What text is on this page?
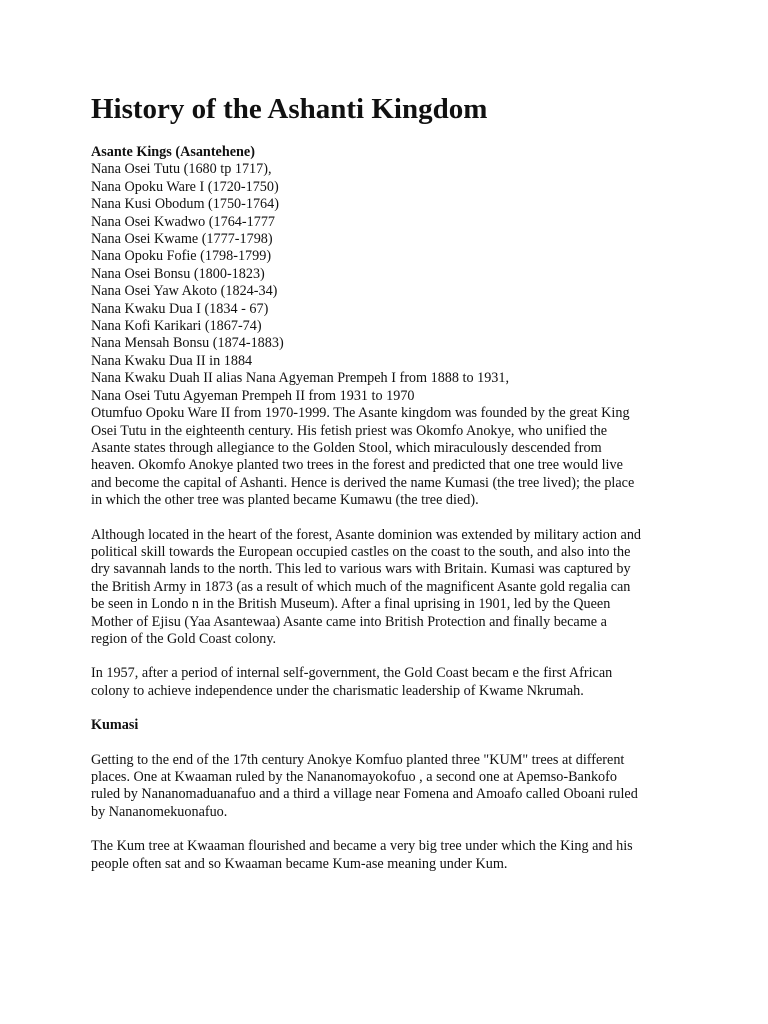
History of the Ashanti Kingdom
Asante Kings (Asantehene)
Nana Osei Tutu (1680 tp 1717),
Nana Opoku Ware I (1720-1750)
Nana Kusi Obodum (1750-1764)
Nana Osei Kwadwo (1764-1777
Nana Osei Kwame (1777-1798)
Nana Opoku Fofie (1798-1799)
Nana Osei Bonsu (1800-1823)
Nana Osei Yaw Akoto (1824-34)
Nana Kwaku Dua I (1834 - 67)
Nana Kofi Karikari (1867-74)
Nana Mensah Bonsu (1874-1883)
Nana Kwaku Dua II in 1884
Nana Kwaku Duah II alias Nana Agyeman Prempeh I from 1888 to 1931,
Nana Osei Tutu Agyeman Prempeh II from 1931 to 1970
Otumfuo Opoku Ware II from 1970-1999. The Asante kingdom was founded by the great King
Osei Tutu in the eighteenth century. His fetish priest was Okomfo Anokye, who unified the
Asante states through allegiance to the Golden Stool, which miraculously descended from
heaven. Okomfo Anokye planted two trees in the forest and predicted that one tree would live
and become the capital of Ashanti. Hence is derived the name Kumasi (the tree lived); the place
in which the other tree was planted became Kumawu (the tree died).
Although located in the heart of the forest, Asante dominion was extended by military action and
political skill towards the European occupied castles on the coast to the south, and also into the
dry savannah lands to the north. This led to various wars with Britain. Kumasi was captured by
the British Army in 1873 (as a result of which much of the magnificent Asante gold regalia can
be seen in Londo n in the British Museum). After a final uprising in 1901, led by the Queen
Mother of Ejisu (Yaa Asantewaa) Asante came into British Protection and finally became a
region of the Gold Coast colony.
In 1957, after a period of internal self-government, the Gold Coast becam e the first African
colony to achieve independence under the charismatic leadership of Kwame Nkrumah.
Kumasi
Getting to the end of the 17th century Anokye Komfuo planted three "KUM" trees at different
places. One at Kwaaman ruled by the Nananomayokofuo , a second one at Apemso-Bankofo
ruled by Nananomaduanafuo and a third a village near Fomena and Amoafo called Oboani ruled
by Nananomekuonafuo.
The Kum tree at Kwaaman flourished and became a very big tree under which the King and his
people often sat and so Kwaaman became Kum-ase meaning under Kum.
